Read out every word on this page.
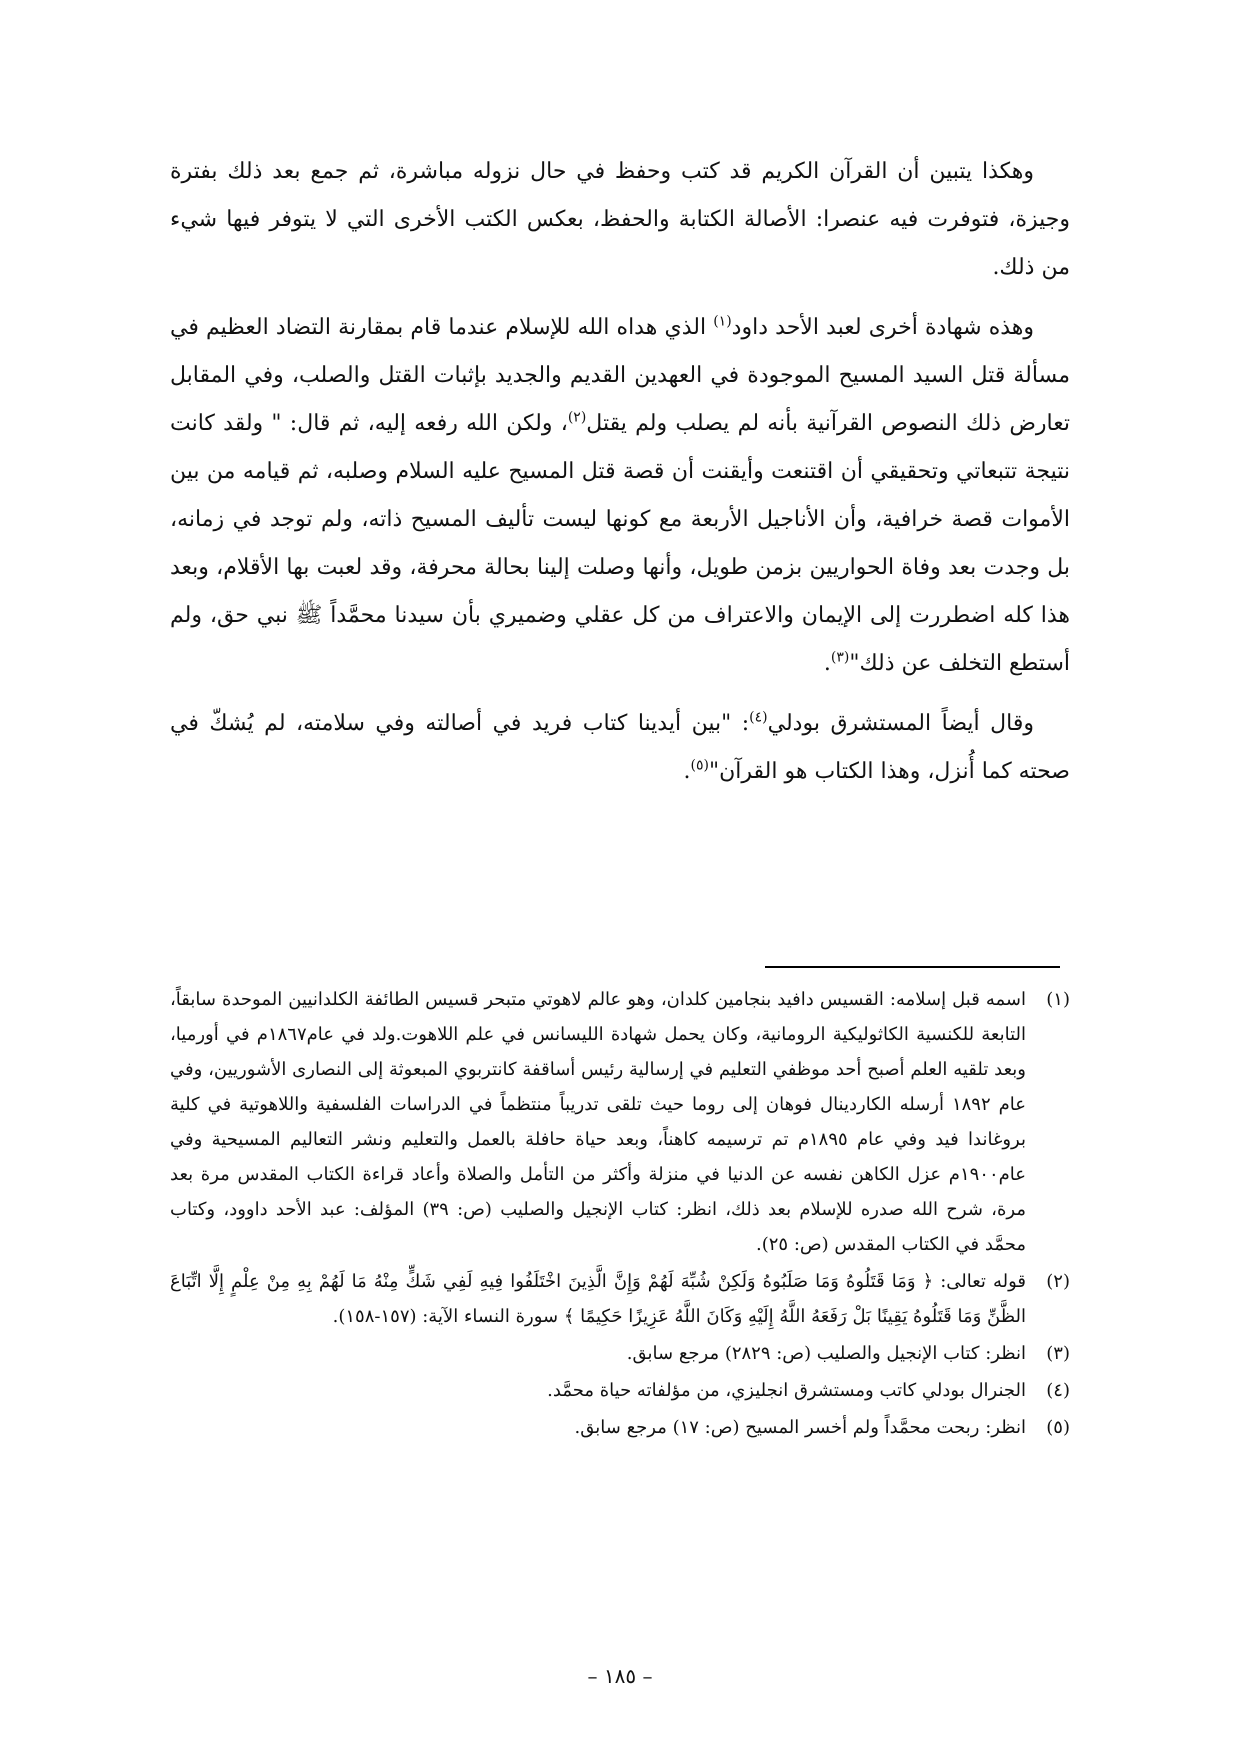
وهكذا يتبين أن القرآن الكريم قد كتب وحفظ في حال نزوله مباشرة، ثم جمع بعد ذلك بفترة وجيزة، فتوفرت فيه عنصرا: الأصالة الكتابة والحفظ، بعكس الكتب الأخرى التي لا يتوفر فيها شيء من ذلك.

وهذه شهادة أخرى لعبد الأحد داود$^{(١)}$ الذي هداه الله للإسلام عندما قام بمقارنة التضاد العظيم في مسألة قتل السيد المسيح الموجودة في العهدين القديم والجديد بإثبات القتل والصلب، وفي المقابل تعارض ذلك النصوص القرآنية بأنه لم يصلب ولم يقتل$^{(٢)}$، ولكن الله رفعه إليه، ثم قال: " ولقد كانت نتيجة تتبعاتي وتحقيقي أن اقتنعت وأيقنت أن قصة قتل المسيح عليه السلام وصلبه، ثم قيامه من بين الأموات قصة خرافية، وأن الأناجيل الأربعة مع كونها ليست تأليف المسيح ذاته، ولم توجد في زمانه، بل وجدت بعد وفاة الحواريين بزمن طويل، وأنها وصلت إلينا بحالة محرفة، وقد لعبت بها الأقلام، وبعد هذا كله اضطررت إلى الإيمان والاعتراف من كل عقلي وضميري بأن سيدنا محمَّداً ﷺ نبي حق، ولم أستطع التخلف عن ذلك"$^{(٣)}$.

وقال أيضاً المستشرق بودلي$^{(٤)}$: "بين أيدينا كتاب فريد في أصالته وفي سلامته، لم يُشكّ في صحته كما أُنزل، وهذا الكتاب هو القرآن"$^{(٥)}$.

(١)
اسمه قبل إسلامه: القسيس دافيد بنجامين كلدان، وهو عالم لاهوتي متبحر قسيس الطائفة الكلدانيين الموحدة سابقاً، التابعة للكنسية الكاثوليكية الرومانية، وكان يحمل شهادة الليسانس في علم اللاهوت.ولد في عام١٨٦٧م في أورميا، وبعد تلقيه العلم أصبح أحد موظفي التعليم في إرسالية رئيس أساقفة كانتربوي المبعوثة إلى النصارى الأشوريين، وفي عام ١٨٩٢ أرسله الكاردينال فوهان إلى روما حيث تلقى تدريباً منتظماً في الدراسات الفلسفية واللاهوتية في كلية بروغاندا فيد وفي عام ١٨٩٥م تم ترسيمه كاهناً، وبعد حياة حافلة بالعمل والتعليم ونشر التعاليم المسيحية وفي عام١٩٠٠م عزل الكاهن نفسه عن الدنيا في منزلة وأكثر من التأمل والصلاة وأعاد قراءة الكتاب المقدس مرة بعد مرة، شرح الله صدره للإسلام بعد ذلك، انظر: كتاب الإنجيل والصليب (ص: ٣٩) المؤلف: عبد الأحد داوود، وكتاب محمَّد في الكتاب المقدس (ص: ٢٥).
(٢)
قوله تعالى: ﴿ وَمَا قَتَلُوهُ وَمَا صَلَبُوهُ وَلَكِنْ شُبِّهَ لَهُمْ وَإِنَّ الَّذِينَ اخْتَلَفُوا فِيهِ لَفِي شَكٍّ مِنْهُ مَا لَهُمْ بِهِ مِنْ عِلْمٍ إِلَّا اتِّبَاعَ الظَّنِّ وَمَا قَتَلُوهُ يَقِينًا بَلْ رَفَعَهُ اللَّهُ إِلَيْهِ وَكَانَ اللَّهُ عَزِيزًا حَكِيمًا ﴾ سورة النساء الآية: (١٥٧-١٥٨).
(٣)
انظر: كتاب الإنجيل والصليب (ص: ٢٨٢٩) مرجع سابق.
(٤)
الجنرال بودلي كاتب ومستشرق انجليزي، من مؤلفاته حياة محمَّد.
(٥)
انظر: ربحت محمَّداً ولم أخسر المسيح (ص: ١٧) مرجع سابق.
– ١٨٥ –
